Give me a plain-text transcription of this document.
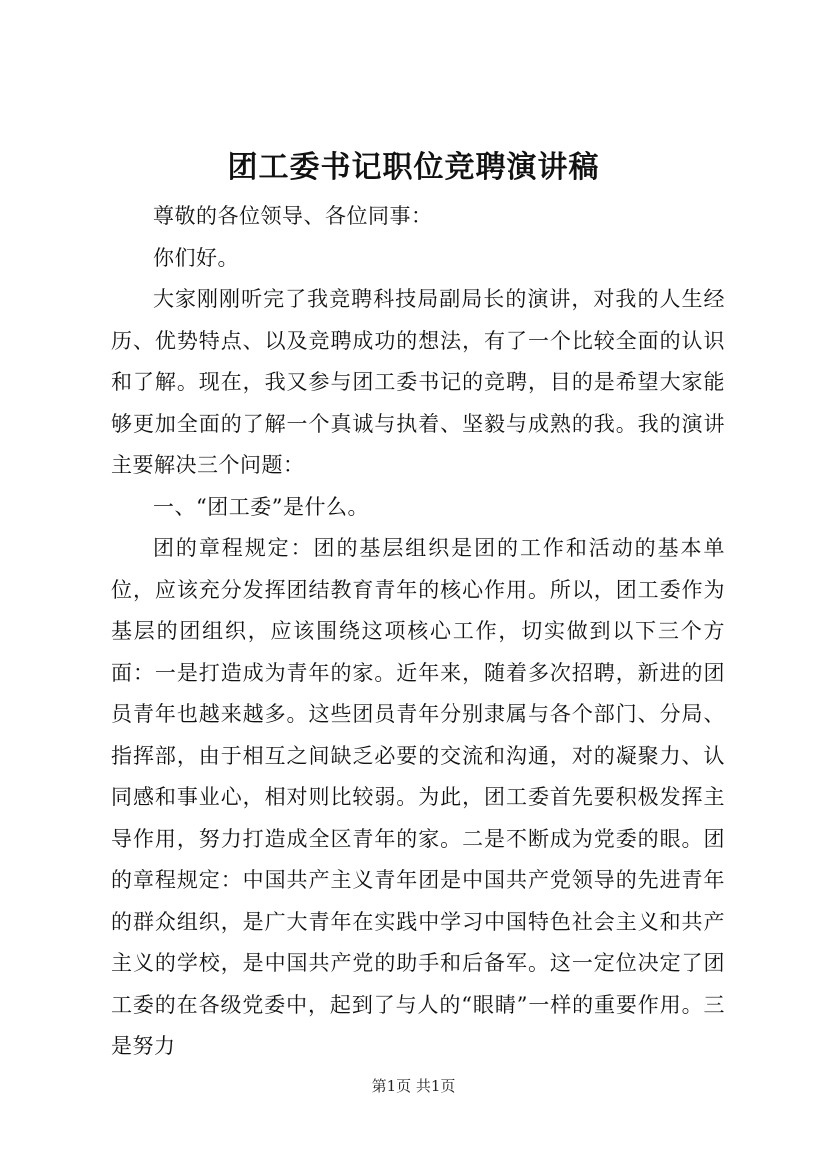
团工委书记职位竞聘演讲稿

尊敬的各位领导、各位同事：

你们好。

大家刚刚听完了我竞聘科技局副局长的演讲，对我的人生经历、优势特点、以及竞聘成功的想法，有了一个比较全面的认识和了解。现在，我又参与团工委书记的竞聘，目的是希望大家能够更加全面的了解一个真诚与执着、坚毅与成熟的我。我的演讲主要解决三个问题：

一、“团工委”是什么。

团的章程规定：团的基层组织是团的工作和活动的基本单位，应该充分发挥团结教育青年的核心作用。所以，团工委作为基层的团组织，应该围绕这项核心工作，切实做到以下三个方面：一是打造成为青年的家。近年来，随着多次招聘，新进的团员青年也越来越多。这些团员青年分别隶属与各个部门、分局、指挥部，由于相互之间缺乏必要的交流和沟通，对的凝聚力、认同感和事业心，相对则比较弱。为此，团工委首先要积极发挥主导作用，努力打造成全区青年的家。二是不断成为党委的眼。团的章程规定：中国共产主义青年团是中国共产党领导的先进青年的群众组织，是广大青年在实践中学习中国特色社会主义和共产主义的学校，是中国共产党的助手和后备军。这一定位决定了团工委的在各级党委中，起到了与人的“眼睛”一样的重要作用。三是努力

第1页 共1页
